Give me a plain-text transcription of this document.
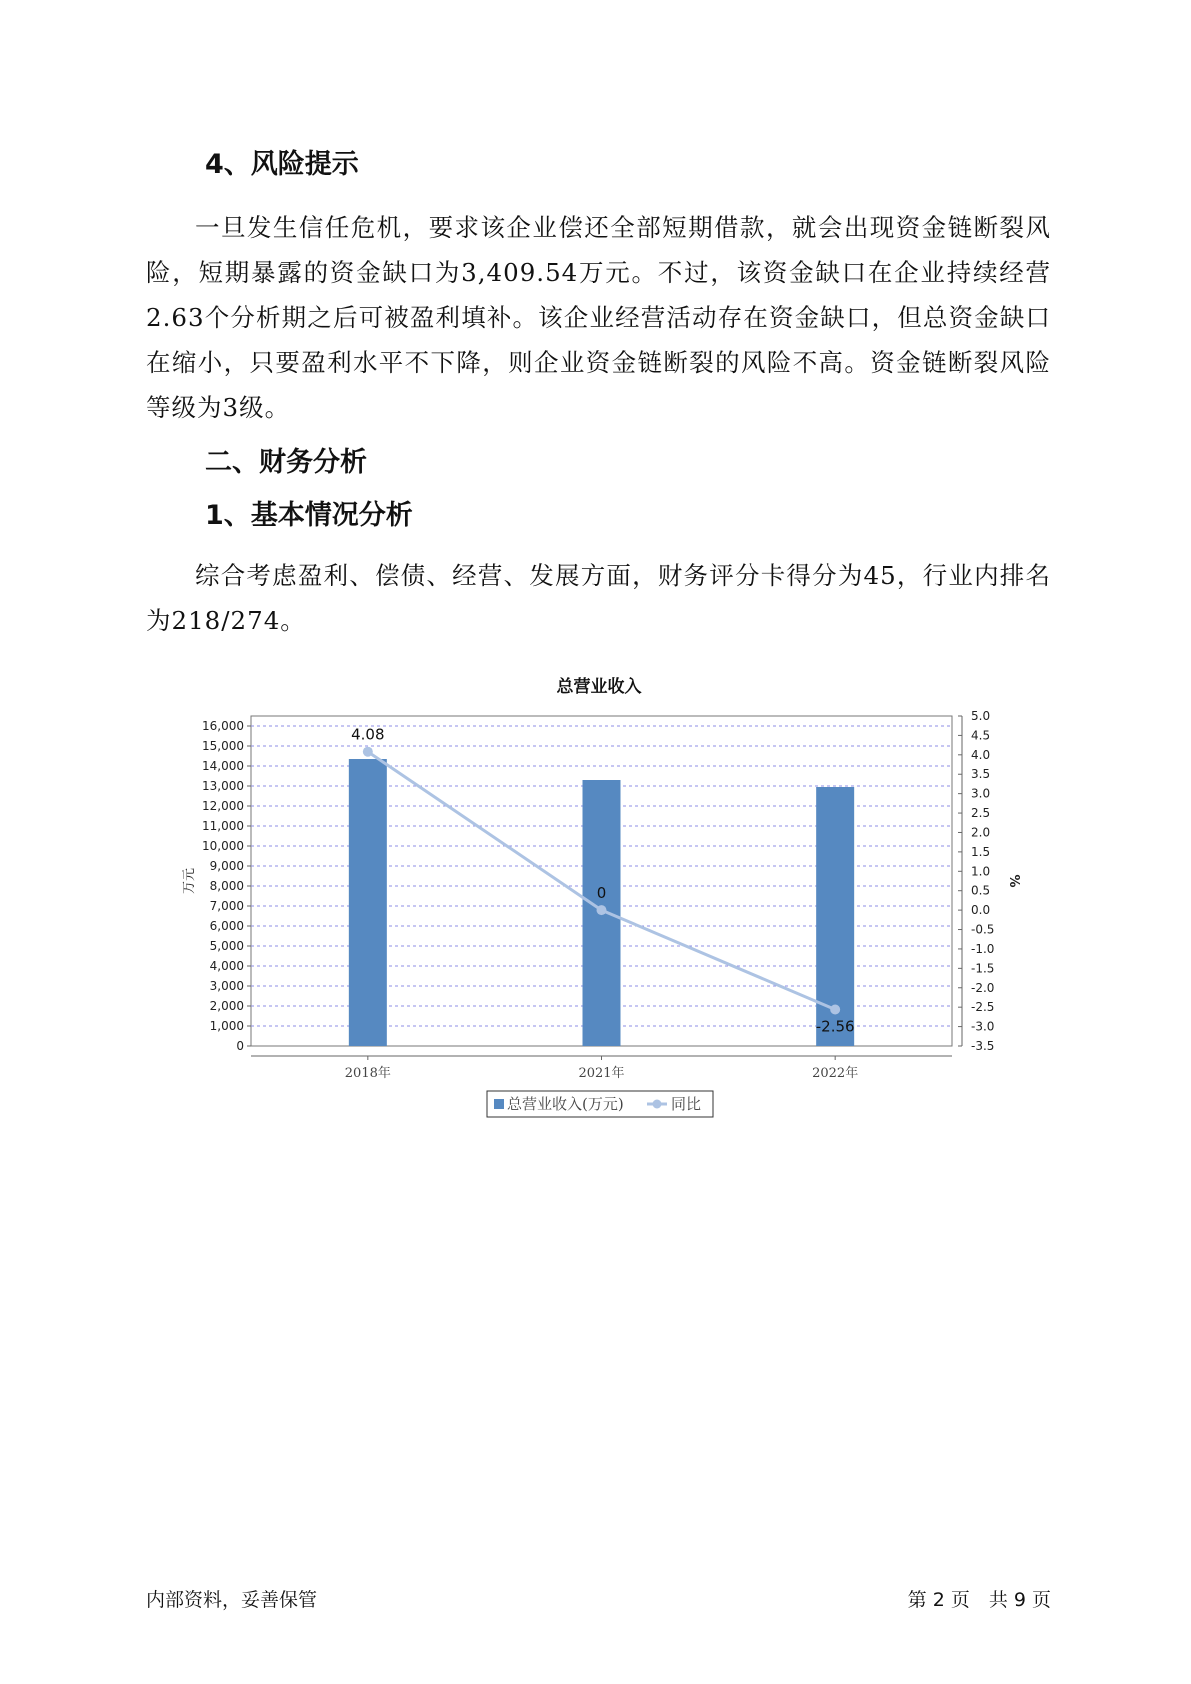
4、风险提示

一旦发生信任危机，要求该企业偿还全部短期借款，就会出现资金链断裂风险，短期暴露的资金缺口为3,409.54万元。不过，该资金缺口在企业持续经营 2.63个分析期之后可被盈利填补。该企业经营活动存在资金缺口，但总资金缺口在缩小，只要盈利水平不下降，则企业资金链断裂的风险不高。资金链断裂风险等级为3级。

二、财务分析
1、基本情况分析

综合考虑盈利、偿债、经营、发展方面，财务评分卡得分为45，行业内排名为218/274。

总营业收入
0
1,000
2,000
3,000
4,000
5,000
6,000
7,000
8,000
9,000
10,000
11,000
12,000
13,000
14,000
15,000
16,000
-3.5
-3.0
-2.5
-2.0
-1.5
-1.0
-0.5
0.0
0.5
1.0
1.5
2.0
2.5
3.0
3.5
4.0
4.5
5.0
万元	%
2018年	2021年	2022年
4.08
0
-2.56
总营业收入(万元)	同比
内部资料，妥善保管	第 2 页　共 9 页
